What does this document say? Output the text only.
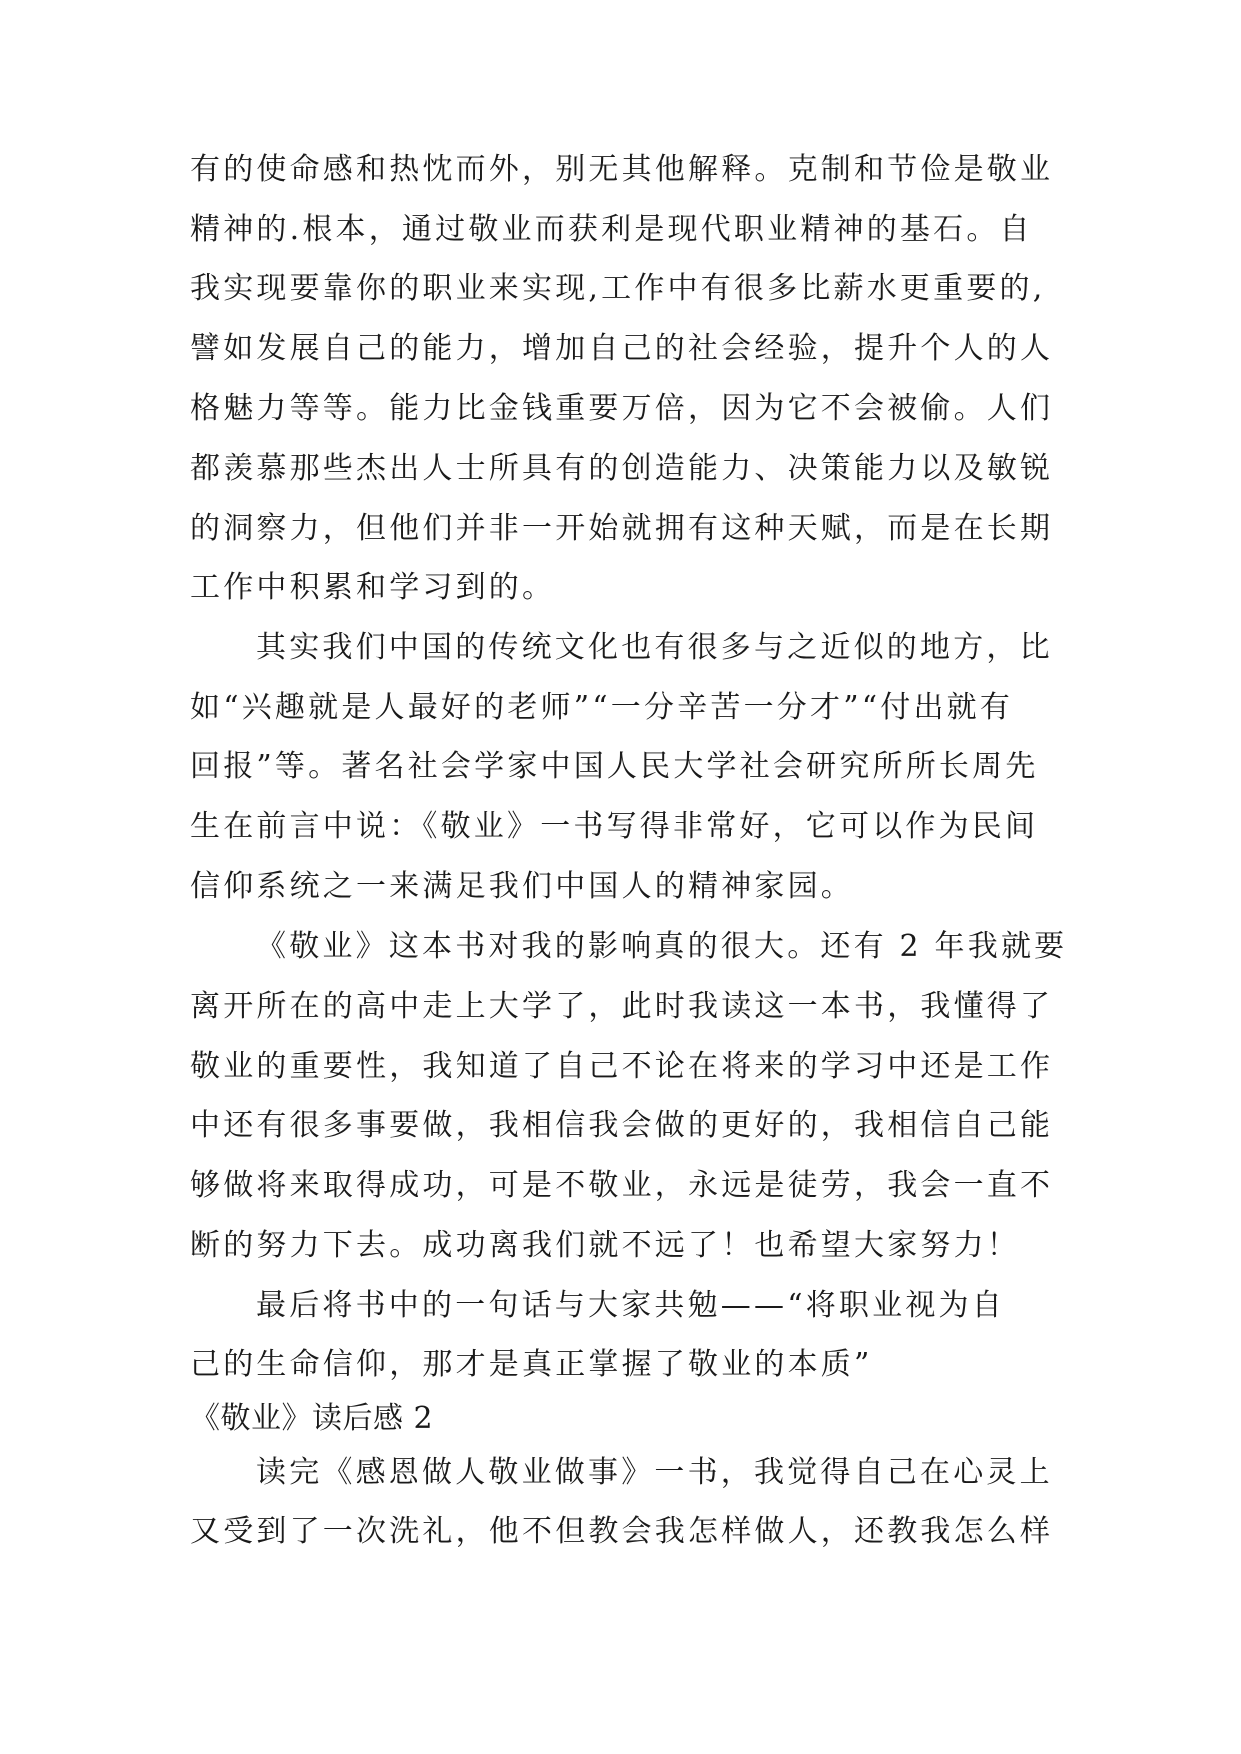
有的使命感和热忱而外，别无其他解释。克制和节俭是敬业
精神的.根本，通过敬业而获利是现代职业精神的基石。自
我实现要靠你的职业来实现,工作中有很多比薪水更重要的,
譬如发展自己的能力，增加自己的社会经验，提升个人的人
格魅力等等。能力比金钱重要万倍，因为它不会被偷。人们
都羡慕那些杰出人士所具有的创造能力、决策能力以及敏锐
的洞察力，但他们并非一开始就拥有这种天赋，而是在长期
工作中积累和学习到的。
其实我们中国的传统文化也有很多与之近似的地方，比
如“兴趣就是人最好的老师”“一分辛苦一分才”“付出就有
回报”等。著名社会学家中国人民大学社会研究所所长周先
生在前言中说：《敬业》一书写得非常好，它可以作为民间
信仰系统之一来满足我们中国人的精神家园。
《敬业》这本书对我的影响真的很大。还有 2 年我就要
离开所在的高中走上大学了，此时我读这一本书，我懂得了
敬业的重要性，我知道了自己不论在将来的学习中还是工作
中还有很多事要做，我相信我会做的更好的，我相信自己能
够做将来取得成功，可是不敬业，永远是徒劳，我会一直不
断的努力下去。成功离我们就不远了！也希望大家努力！
最后将书中的一句话与大家共勉——“将职业视为自
己的生命信仰，那才是真正掌握了敬业的本质”
《敬业》读后感 2
读完《感恩做人敬业做事》一书，我觉得自己在心灵上
又受到了一次洗礼，他不但教会我怎样做人，还教我怎么样
